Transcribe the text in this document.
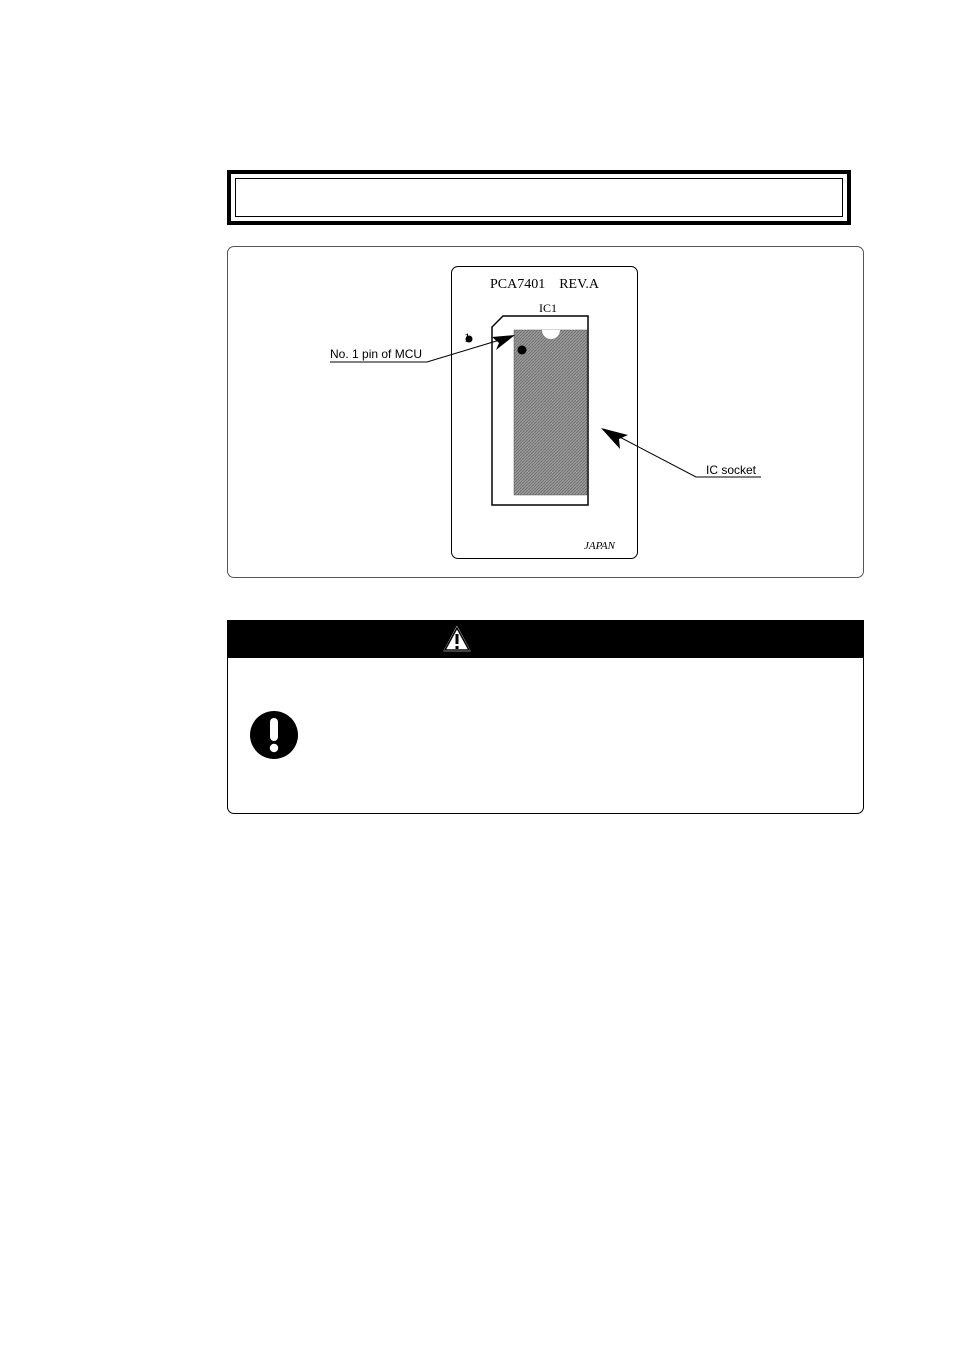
PCA7401    REV.A
IC1
1
JAPAN
No. 1 pin of MCU
IC socket
